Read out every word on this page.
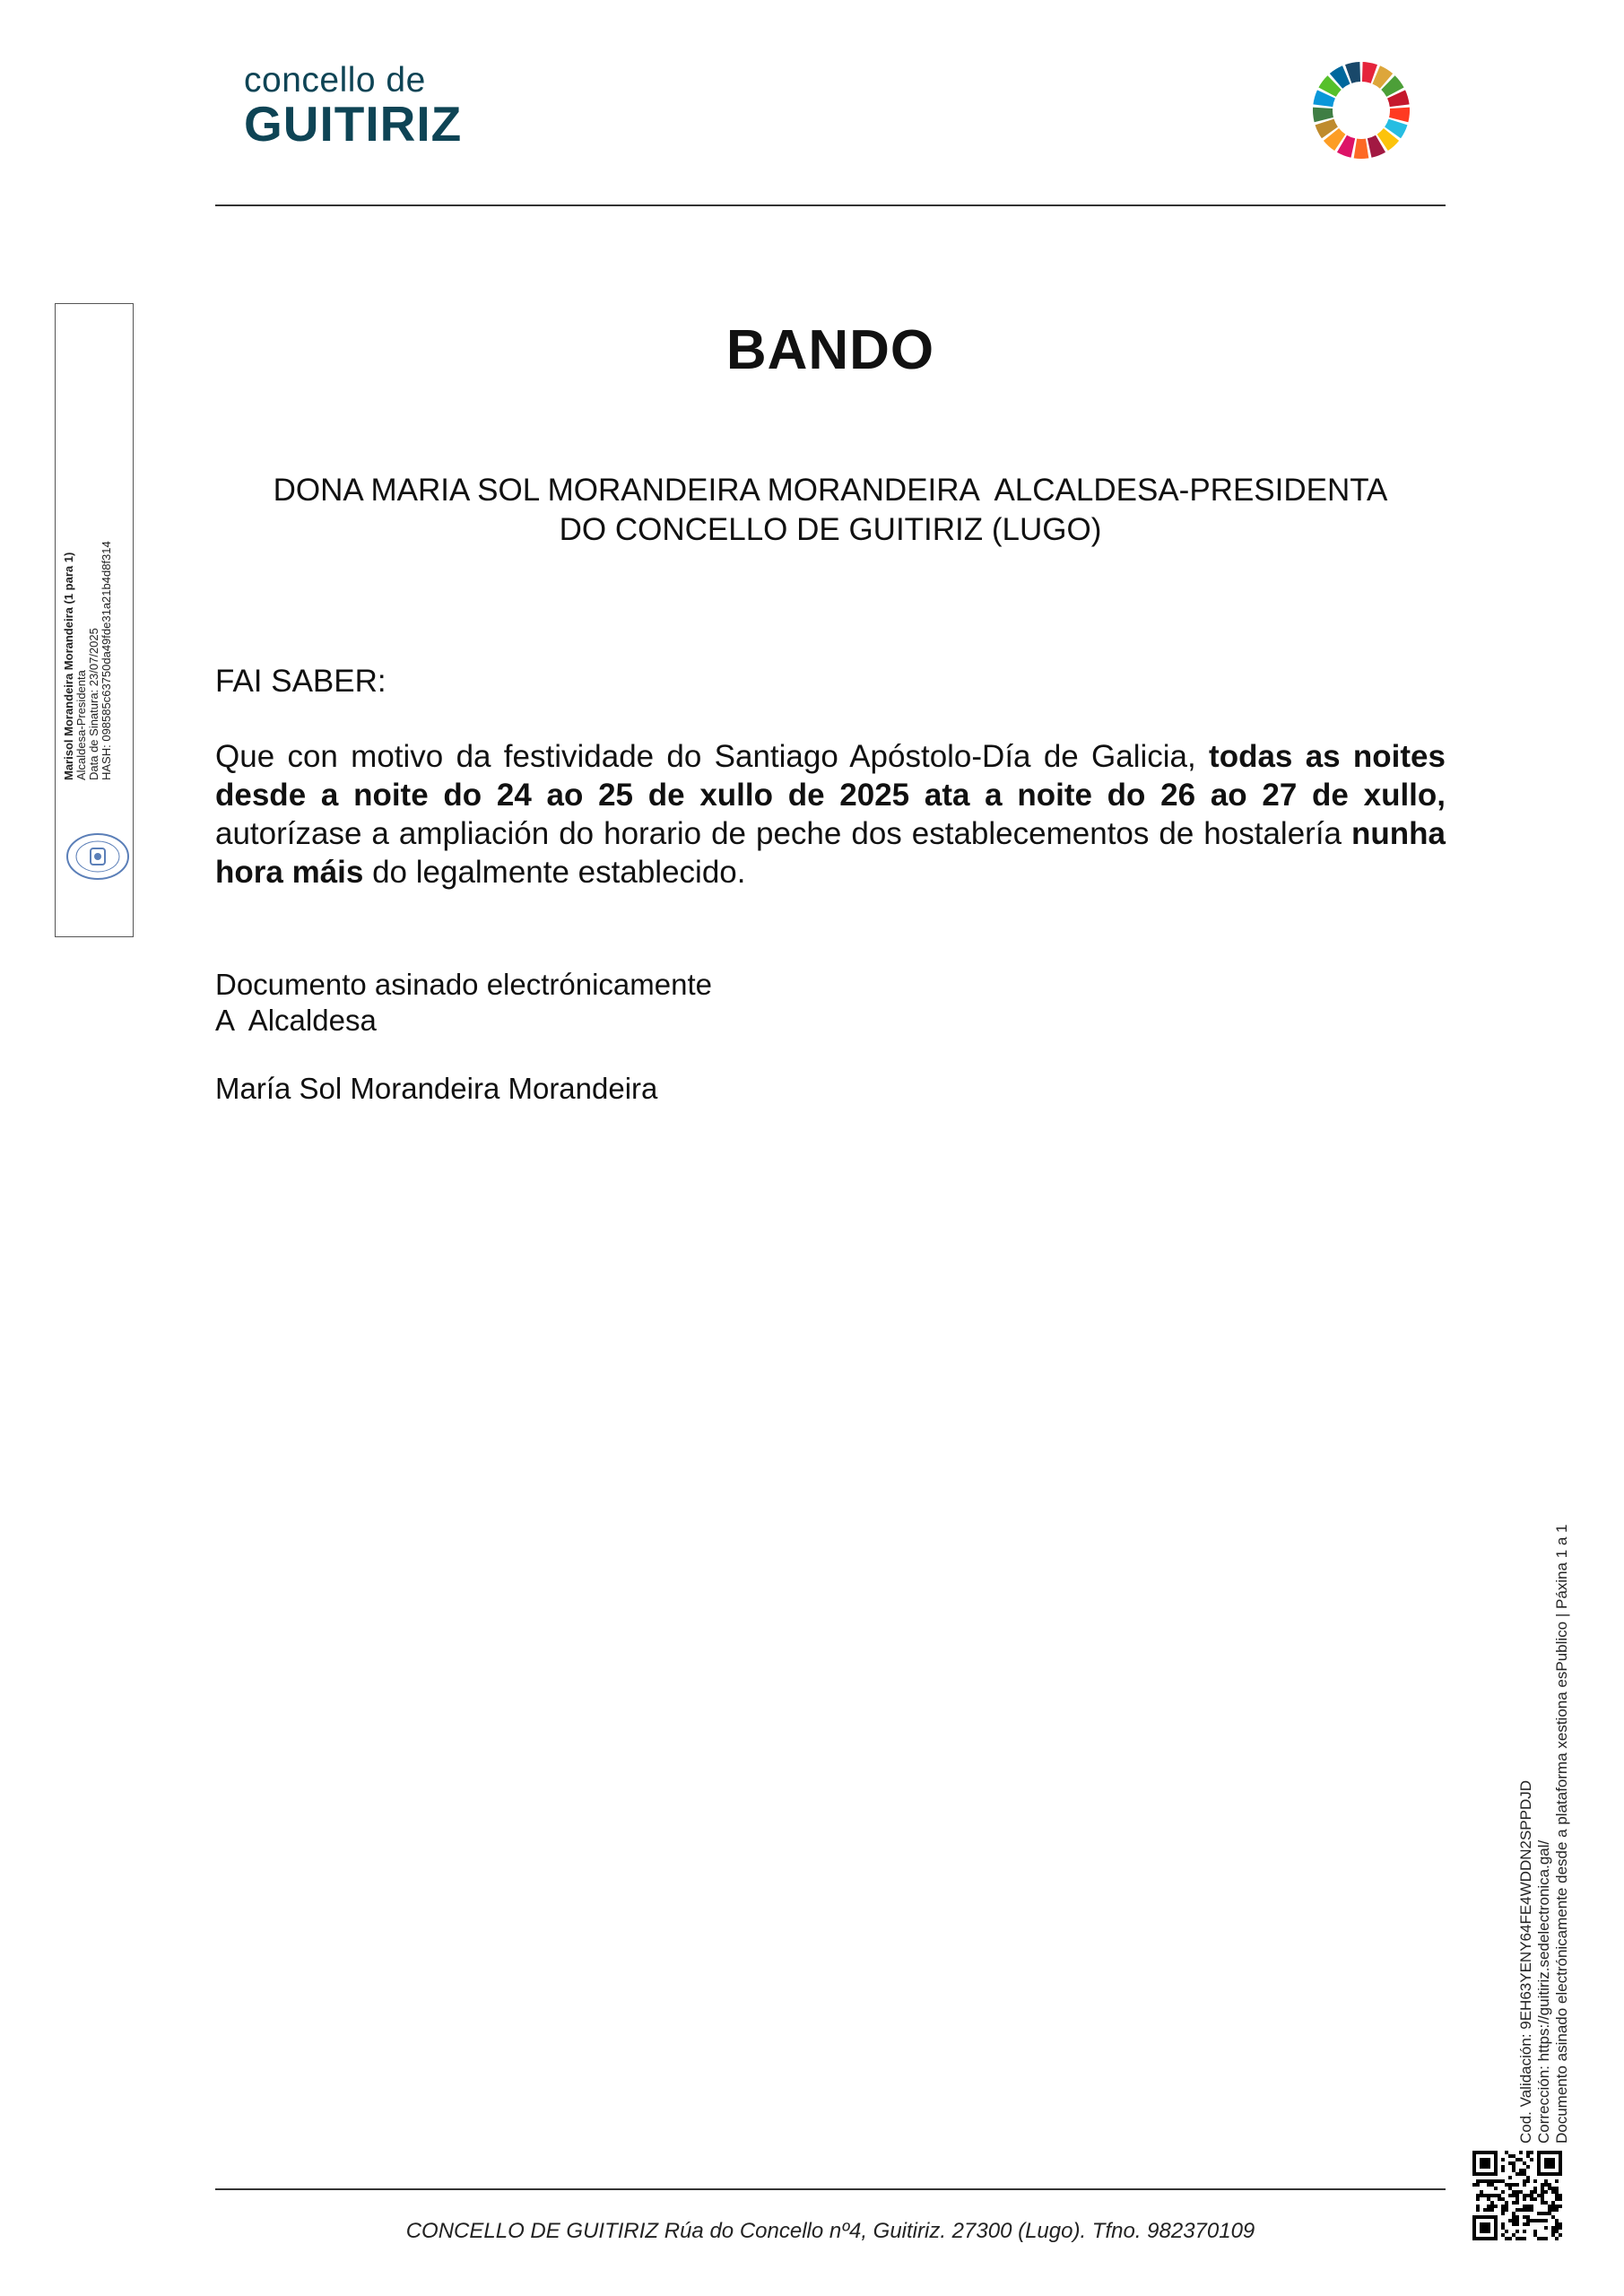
concello de
GUITIRIZ
Marisol Morandeira Morandeira (1 para 1) Alcaldesa-Presidenta Data de Sinatura: 23/07/2025 HASH: 098585c63750da49fde31a21b4d8f314
BANDO
DONA MARIA SOL MORANDEIRA MORANDEIRA  ALCALDESA-PRESIDENTA
DO CONCELLO DE GUITIRIZ (LUGO)
FAI SABER:
Que con motivo da festividade do Santiago Apóstolo-Día de Galicia, todas as noites desde a noite do 24 ao 25 de xullo de 2025 ata a noite do 26 ao 27 de xullo, autorízase a ampliación do horario de peche dos establecementos de hostalería nunha hora máis do legalmente establecido.
Documento asinado electrónicamente
A  Alcaldesa
María Sol Morandeira Morandeira
Cod. Validación: 9EH63YENY64FE4WDDN2SPPDJD Corrección: https://guitiriz.sedelectronica.gal/ Documento asinado electrónicamente desde a plataforma xestiona esPublico | Páxina 1 a 1
CONCELLO DE GUITIRIZ Rúa do Concello nº4, Guitiriz. 27300 (Lugo). Tfno. 982370109
